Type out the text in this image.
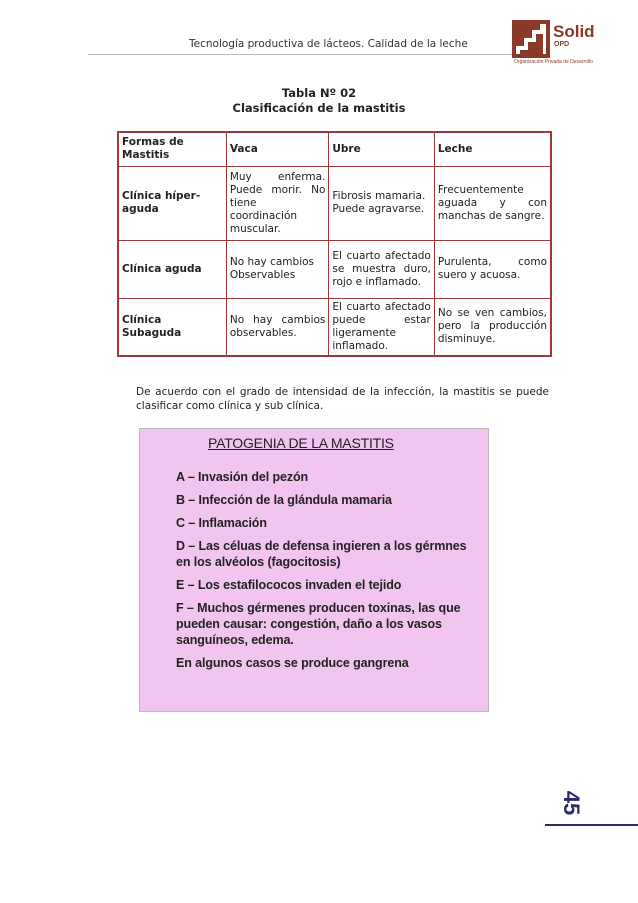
Tecnología productiva de lácteos. Calidad de la leche
Solid
OPD
Organización Privada de Desarrollo
Tabla Nº 02
Clasificación de la mastitis
Formas de Mastitis	Vaca	Ubre	Leche
Clínica híper-aguda	Muy enferma. Puede morir. No tiene coordinación muscular.	Fibrosis mamaria. Puede agravarse.	Frecuentemente aguada y con manchas de sangre.
Clínica aguda	No hay cambios Observables	El cuarto afectado se muestra duro, rojo e inflamado.	Purulenta, como suero y acuosa.
Clínica Subaguda	No hay cambios observables.	El cuarto afectado puede estar ligeramente inflamado.	No se ven cambios, pero la producción disminuye.
De acuerdo con el grado de intensidad de la infección, la mastitis se puede clasificar como clínica y sub clínica.
PATOGENIA DE LA MASTITIS
A – Invasión del pezón
B – Infección de la glándula mamaria
C – Inflamación
D – Las céluas de defensa ingieren a los gérmnes en los alvéolos (fagocitosis)
E – Los estafilococos invaden el tejido
F – Muchos gérmenes producen toxinas, las que pueden causar: congestión, daño a los vasos sanguíneos, edema.
En algunos casos se produce gangrena
45
